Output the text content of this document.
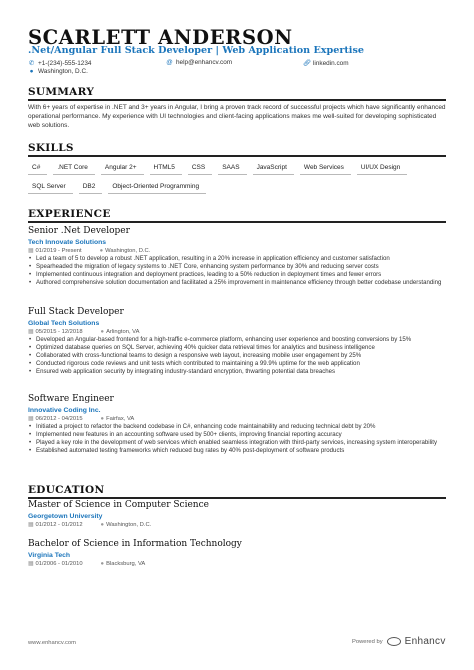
SCARLETT ANDERSON
.Net/Angular Full Stack Developer | Web Application Expertise
✆ +1-(234)-555-1234	@ help@enhancv.com	🔗︎ linkedin.com
● Washington, D.C.
SUMMARY
With 6+ years of expertise in .NET and 3+ years in Angular, I bring a proven track record of successful projects which have significantly enhanced operational performance. My experience with UI technologies and client-facing applications makes me well-suited for developing sophisticated web solutions.
SKILLS
C#	.NET Core	Angular 2+	HTML5	CSS	SAAS	JavaScript	Web Services	UI/UX Design
SQL Server	DB2	Object-Oriented Programming
EXPERIENCE
Senior .Net Developer
Tech Innovate Solutions
▦ 01/2019 - Present	● Washington, D.C.
• Led a team of 5 to develop a robust .NET application, resulting in a 20% increase in application efficiency and customer satisfaction
• Spearheaded the migration of legacy systems to .NET Core, enhancing system performance by 30% and reducing server costs
• Implemented continuous integration and deployment practices, leading to a 50% reduction in deployment times and fewer errors
• Authored comprehensive solution documentation and facilitated a 25% improvement in maintenance efficiency through better codebase understanding
Full Stack Developer
Global Tech Solutions
▦ 05/2015 - 12/2018	● Arlington, VA
• Developed an Angular-based frontend for a high-traffic e-commerce platform, enhancing user experience and boosting conversions by 15%
• Optimized database queries on SQL Server, achieving 40% quicker data retrieval times for analytics and business intelligence
• Collaborated with cross-functional teams to design a responsive web layout, increasing mobile user engagement by 25%
• Conducted rigorous code reviews and unit tests which contributed to maintaining a 99.9% uptime for the web application
• Ensured web application security by integrating industry-standard encryption, thwarting potential data breaches
Software Engineer
Innovative Coding Inc.
▦ 06/2012 - 04/2015	● Fairfax, VA
• Initiated a project to refactor the backend codebase in C#, enhancing code maintainability and reducing technical debt by 20%
• Implemented new features in an accounting software used by 500+ clients, improving financial reporting accuracy
• Played a key role in the development of web services which enabled seamless integration with third-party services, increasing system interoperability
• Established automated testing frameworks which reduced bug rates by 40% post-deployment of software products
EDUCATION
Master of Science in Computer Science
Georgetown University
▦ 01/2012 - 01/2012	● Washington, D.C.
Bachelor of Science in Information Technology
Virginia Tech
▦ 01/2006 - 01/2010	● Blacksburg, VA
www.enhancv.com	Powered by Enhancv
